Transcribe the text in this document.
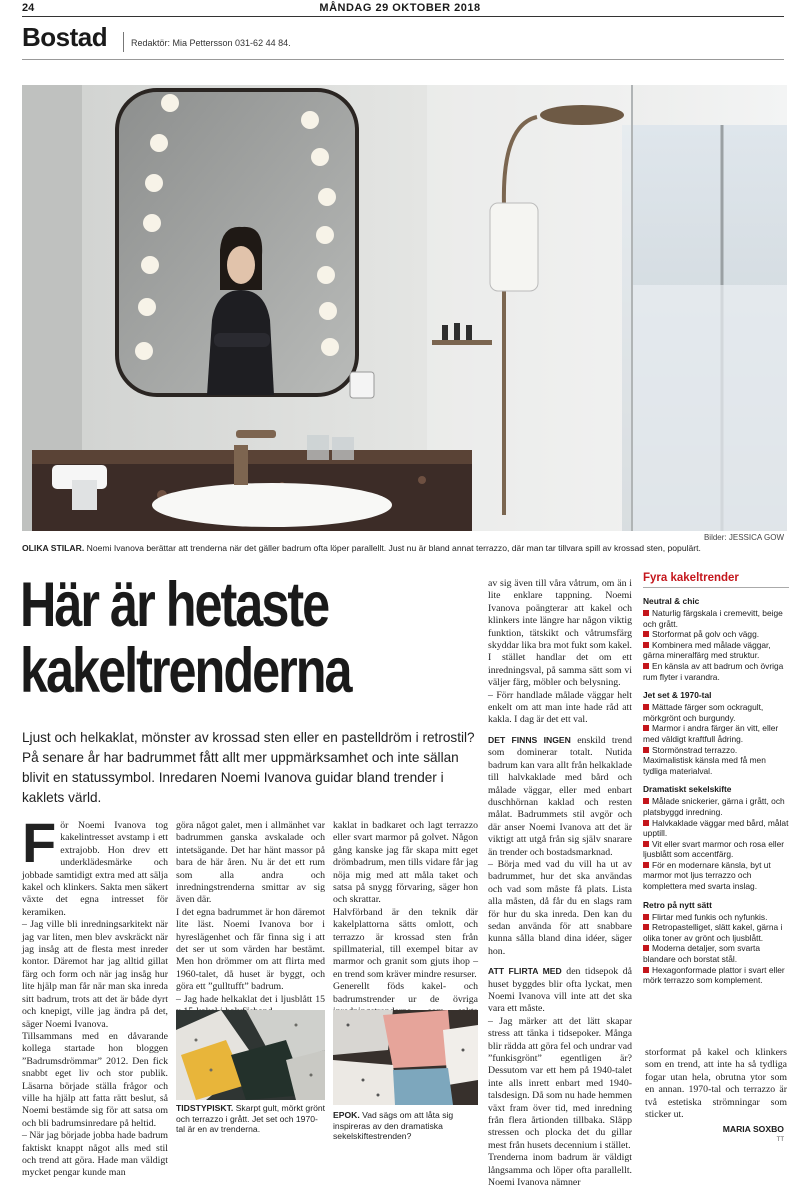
24	MÅNDAG 29 OKTOBER 2018
Bostad	Redaktör: Mia Pettersson 031-62 44 84.
Bilder: JESSICA GOW
OLIKA STILAR. Noemi Ivanova berättar att trenderna när det gäller badrum ofta löper parallellt. Just nu är bland annat terrazzo, där man tar tillvara spill av krossad sten, populärt.
Här är hetaste
kakeltrenderna
Ljust och helkaklat, mönster av krossad sten eller en pastelldröm i retrostil? På senare år har badrummet fått allt mer uppmärksamhet och inte sällan blivit en statussymbol. Inredaren Noemi Ivanova guidar bland trender i kaklets värld.
F ör Noemi Ivanova tog kakelintresset avstamp i ett extrajobb. Hon drev ett underklädesmärke och jobbade samtidigt extra med att sälja kakel och klinkers. Sakta men säkert växte det egna intresset för keramiken.
– Jag ville bli inredningsarkitekt när jag var liten, men blev avskräckt när jag insåg att de flesta mest inreder kontor. Däremot har jag alltid gillat färg och form och när jag insåg hur lite hjälp man får när man ska inreda sitt badrum, trots att det är både dyrt och knepigt, ville jag ändra på det, säger Noemi Ivanova.
Tillsammans med en dåvarande kollega startade hon bloggen ”Badrumsdrömmar” 2012. Den fick snabbt eget liv och stor publik. Läsarna började ställa frågor och ville ha hjälp att fatta rätt beslut, så Noemi bestämde sig för att satsa om och bli badrumsinredare på heltid.
– När jag började jobba hade badrum faktiskt knappt något alls med stil och trend att göra. Hade man väldigt mycket pengar kunde man
göra något galet, men i allmänhet var badrummen ganska avskalade och intetsägande. Det har hänt massor på bara de här åren. Nu är det ett rum som alla andra och inredningstrenderna smittar av sig även där.
I det egna badrummet är hon däremot lite läst. Noemi Ivanova bor i hyreslägenhet och får finna sig i att det ser ut som värden har bestämt. Men hon drömmer om att flirta med 1960-talet, då huset är byggt, och göra ett ”gulltufft” badrum.
– Jag hade helkaklat det i ljusblått 15
kaklat in badkaret och lagt terrazzo eller svart marmor på golvet. Någon gång kanske jag får skapa mitt eget drömbadrum, men tills vidare får jag nöja mig med att måla taket och satsa på snygg förvaring, säger hon och skrattar.
Halvförband är den teknik där kakelplattorna sätts omlott, och terrazzo är krossad sten från spillmaterial, till exempel bitar av marmor och granit som gjuts ihop – en trend som kräver mindre resurser.
Generellt föds kakel- och badrumstrender ur de övriga
av sig även till våra våtrum, om än i lite enklare tappning. Noemi Ivanova poängterar att kakel och klinkers inte längre har någon viktig funktion, tätskikt och våtrumsfärg skyddar lika bra mot fukt som kakel. I stället handlar det om ett inredningsval, på samma sätt som vi väljer färg, möbler och belysning.
– Förr handlade målade väggar helt enkelt om att man inte hade råd att kakla. I dag är det ett val.
DET FINNS INGEN enskild trend som dominerar totalt. Nutida badrum kan vara allt från helkaklade till halvkaklade med bård och målade väggar, eller med enbart duschhörnan kaklad och resten målat. Badrummets stil avgör och där anser Noemi Ivanova att det är viktigt att utgå från sig själv snarare än trender och bostadsmarknad.
– Börja med vad du vill ha ut av badrummet, hur det ska användas och vad som måste få plats. Lista alla måsten, då får du en slags ram för hur du ska inreda. Den kan du sedan använda för att snabbare kunna sålla bland dina idéer, säger hon.
ATT FLIRTA MED den tidsepok då huset byggdes blir ofta lyckat, men Noemi Ivanova vill inte att det ska vara ett måste.
– Jag märker att det lätt skapar stress att tänka i tidsepoker. Många blir rädda att göra fel och undrar vad ”funkisgrönt” egentligen är? Dessutom var ett hem på 1940-talet inte alls inrett enbart med 1940-talsdesign. Då som nu hade hemmen växt fram över tid, med inredning från flera årtionden tillbaka. Släpp stressen och plocka det du gillar mest från husets decennium i stället.
Trenderna inom badrum är väldigt långsamma och löper ofta parallellt. Noemi Ivanova nämner
storformat på kakel och klinkers som en trend, att inte ha så tydliga fogar utan hela, obrutna ytor som en annan. 1970-tal och terrazzo är två estetiska strömningar som sticker ut.
TIDSTYPISKT. Skarpt gult, mörkt grönt och terrazzo i grått. Jet set och 1970-tal är en av trenderna.
EPOK. Vad sägs om att låta sig inspireras av den dramatiska sekelskiftestrenden?
Fyra kakeltrender
Neutral & chic
Naturlig färgskala i cremevitt, beige och grått.
Storformat på golv och vägg.
Kombinera med målade väggar, gärna mineralfärg med struktur.
En känsla av att badrum och övriga rum flyter i varandra.
Jet set & 1970-tal
Mättade färger som ockragult, mörkgrönt och burgundy.
Marmor i andra färger än vitt, eller med väldigt kraftfull ådring.
Stormönstrad terrazzo. Maximalistisk känsla med få men tydliga materialval.
Dramatiskt sekelskifte
Målade snickerier, gärna i grått, och platsbyggd inredning.
Halvkaklade väggar med bård, målat upptill.
Vit eller svart marmor och rosa eller ljusblått som accentfärg.
För en modernare känsla, byt ut marmor mot ljus terrazzo och komplettera med svarta inslag.
Retro på nytt sätt
Flirtar med funkis och nyfunkis.
Retropastelliget, slätt kakel, gärna i olika toner av grönt och ljusblått.
Moderna detaljer, som svarta blandare och borstat stål.
Hexagonformade plattor i svart eller mörk terrazzo som komplement.
MARIA SOXBO
TT
